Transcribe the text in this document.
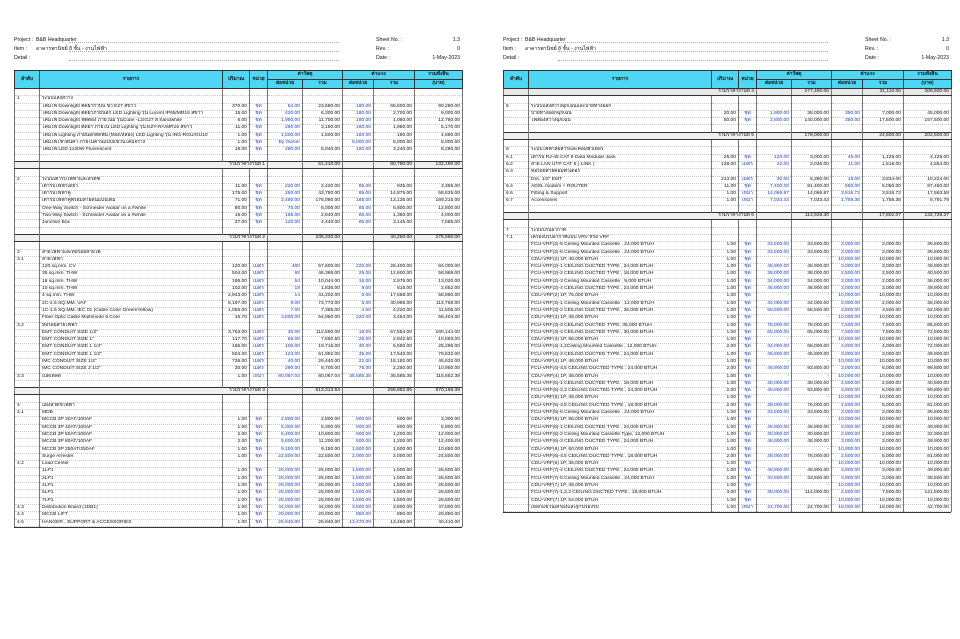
Project : B&B Headquarter	Sheet No. :	1.3
Item : อาคารพานิชย์ 8 ชั้น - งานไฟฟ้า	Rev. :	0
Detail :	Date :	1-May-2023
ลำดับ	รายการ	ปริมาณ	หน่วย	ค่าวัสดุ		ค่าแรง		รวมทั้งสิ้น
				ต่อหน่วย	รวม	ต่อหน่วย	รวม	(บาท)

1	ระบบแสงสว่าง							
	โคมไฟ Downlight ติดฝ้ากาบิน ขั้ว E27 สีขาว	370.00	ชุด	64.00	23,680.00	180.00	66,600.00	90,280.00
	โคมไฟ Downlight ติดฝ้าภายนอก LED Lighting รุ่น Lucent IP65/MR16 สีขาว	15.00	ชุด	420.00	6,300.00	180.00	2,700.00	9,000.00
	โคมไฟ Downlight ฟิตตอง ภายในม รุ่นCube -L2/G27 สี Sandwhite	6.00	ชุด	1,950.00	11,700.00	180.00	1,080.00	12,780.00
	โคมไฟ Downlight ติดฝ้า ภายใน LED Lighting รุ่น EZY-RA/MR16 สีขาว	11.00	ชุด	290.00	3,190.00	180.00	1,980.00	5,170.00
	โคมไฟ Lighting ภายนอกติดพื้น (ทองเหลือง) LED Lighting รุ่น ING-RGU/GU10	1.00	ชุด	1,500.00	1,500.00	180.00	180.00	1,680.00
	โคมไฟโชว์สินค้า ภายในคานแบบแขวนโคมจราง	1.00	ชุด	By Owner	-	5,000.00	5,000.00	5,000.00
	โคมไฟ LED 1x20W Fluorescent	18.00	ชุด	280.00	5,040.00	180.00	3,240.00	8,280.00

	รวมราคางานที่ 1				51,410.00		80,780.00	132,190.00

2	ระบบเต้ารับไฟฟ้าและสวิตซ์							
	เต้ารับไฟฟ้าเดี่ยว	11.00	ชุด	220.00	2,420.00	85.00	935.00	3,355.00
	เต้ารับไฟฟ้าคู่	175.00	ชุด	250.00	43,750.00	85.00	14,875.00	58,625.00
	เต้ารับไฟฟ้าคู่พร้อมสายดินแบบเต็ม	71.00	ชุด	2,480.00	176,080.00	185.00	13,135.00	189,215.00
	One-Way Switch - Schneider Avatar on a #white	80.00	ชุด	75.00	6,000.00	85.00	6,800.00	12,800.00
	Two-Way Switch - Schneider Avatar on a #white	16.00	ชุด	165.00	2,640.00	85.00	1,360.00	4,000.00
	Junction Box	37.00	ชุด	120.00	4,440.00	85.00	3,145.00	7,585.00

	รวมราคางานที่ 2				235,330.00		40,250.00	275,580.00

3	สายไฟฟ้าและท่อร้อยสายไฟ							
3.1	สายไฟฟ้า							
	120 sq.mm. CV	120.00	เมตร	480	57,600.00	220.00	26,400.00	84,000.00
	35 sq.mm. THW	504.00	เมตร	92	46,368.00	25.00	12,600.00	58,968.00
	16 sq.mm. THW	186.00	เมตร	54	10,044.00	16.00	2,976.00	13,020.00
	10 sq.mm. THW	102.00	เมตร	18	1,836.00	8.00	816.00	2,652.00
	4 sq.mm. THW	2,943.00	เมตร	14	41,202.00	6.00	17,658.00	58,860.00
	2C-2.5 SQ.MM. VAF	8,197.00	เมตร	9.00	73,773.00	5.00	40,985.00	114,758.00
	1C-1.5 SQ.MM. IEC 01 (Cable Color Green/Yellow)	1,055.00	เมตร	7.00	7,385.00	4.00	4,220.00	11,605.00
	Fiber Optic Cable Multimode 6 Core	15.70	เมตร	3,500.00	54,950.00	220.00	3,454.00	58,404.00
3.2	ท่อร้อยสายไฟฟ้า							
	EMT CONDUIT SIZE 1/2"	3,753.00	เมตร	30.00	112,590.00	18.00	67,554.00	180,144.00
	EMT CONDUIT SIZE 1"	117.70	เมตร	65.00	7,650.50	25.00	2,942.50	10,593.00
	EMT CONDUIT SIZE 1 1/4"	186.00	เมตร	106.00	19,716.00	30.00	5,580.00	25,296.00
	EMT CONDUIT SIZE 1 1/2"	504.00	เมตร	123.00	61,992.00	35.00	17,640.00	79,632.00
	IMC CONDUIT SIZE 1/2"	736.00	เมตร	40.00	29,440.00	22.00	16,192.00	45,632.00
	IMC CONDUIT SIZE 2 1/2"	30.00	เมตร	290.00	8,700.00	75.00	2,250.00	10,950.00
3.3	เบ็ดเตล็ด	1.00	เหมา	80,067.04	80,067.04	35,585.35	35,585.35	115,652.39

	รวมราคางานที่ 3				613,313.54		256,852.85	870,166.39

4	แผงสวิตช์ไฟฟ้า							
4.1	MDB							
	MCCB 3P 30AT/100AF	1.00	ชุด	2,800.00	2,800.00	500.00	500.00	3,300.00
	MCCB 3P 40AT/100AF	1.00	ชุด	5,300.00	5,300.00	600.00	600.00	5,900.00
	MCCB 3P 50AT/100AF	2.00	ชุด	5,400.00	10,800.00	600.00	1,200.00	12,000.00
	MCCB 3P 80AT/100AF	2.00	ชุด	5,600.00	11,200.00	600.00	1,200.00	12,400.00
	MCCB 3P 250AT/250AF	1.00	ชุด	9,150.00	9,150.00	1,500.00	1,500.00	10,650.00
	Surge Arrester	1.00	ชุด	22,500.00	22,500.00	2,000.00	2,000.00	24,500.00
4.2	Load Center							
	1LP1	1.00	ชุด	25,000.00	25,000.00	1,500.00	1,500.00	26,500.00
	2LP1	1.00	ชุด	25,000.00	25,000.00	1,500.00	1,500.00	26,500.00
	4LP1	1.00	ชุด	25,000.00	25,000.00	1,500.00	1,500.00	26,500.00
	5LP1	1.00	ชุด	25,000.00	25,000.00	1,500.00	1,500.00	26,500.00
	7LP1	1.00	ชุด	25,000.00	25,000.00	1,500.00	1,500.00	26,500.00
4.3	Distribution Board (1DB1)	1.00	ชุด	44,000.00	44,000.00	3,500.00	3,500.00	47,500.00
4.4	MCCB LIFT	1.00	ชุด	20,000.00	20,000.00	850.00	850.00	20,850.00
4.5	HANGER , SUPPORT & ACCESSORIES	1.00	ชุด	26,940.00	26,940.00	13,470.00	13,460.00	40,410.00
Project : B&B Headquarter	Sheet No. :	1.3
Item : อาคารพานิชย์ 8 ชั้น - งานไฟฟ้า	Rev. :	0
Detail :	Date :	1-May-2023
ลำดับ	รายการ	ปริมาณ	หน่วย	ค่าวัสดุ		ค่าแรง		รวมทั้งสิ้น
				ต่อหน่วย	รวม	ต่อหน่วย	รวม	(บาท)
	รวมราคางานที่ 4				277,490.00		31,110.00	308,600.00

5	ระบบแสงสว่างฉุกเฉินและป้ายทางออก							
	ป้ายทางออกฉุกเฉิน	20.00	ชุด	1,900.00	38,000.00	350.00	7,000.00	45,000.00
	ไฟส่องสว่างฉุกเฉิน	50.00	ชุด	2,800.00	140,000.00	350.00	17,500.00	157,500.00

	รวมราคางานที่ 5				178,000.00		24,500.00	202,500.00

6	ระบบไฟฟ้าสื่อสารและคอมพิวเตอร์							
6.1	เต้ารับ RJ-45 CAT 6 Data Modular Jack	25.00	ชุด	120.00	3,000.00	45.00	1,125.00	4,125.00
6.2	สาย LAN UTP CAT 6 ( LINK )	138.00	เมตร	22.00	3,036.00	11.00	1,518.00	4,554.00
6.3	ท่อร้อยสายคอมพิวเตอร์							
	DIA. 1/2" EMT	213.00	เมตร	30.00	6,390.00	18.00	3,834.00	10,224.00
6.4	ADSL modem + ROUTER	11.00	ชุด	7,400.00	81,400.00	550.00	6,050.00	87,450.00
6.6	Fitting & Support	1.00	เหมา	14,066.87	14,066.87	3,516.72	3,516.72	17,583.58
6.7	Accessories	1.00	เหมา	7,033.43	7,033.43	1,758.36	1,758.36	8,791.79

	รวมราคางานที่ 6				114,926.30		17,802.07	132,728.37

7	ระบบปรับอากาศ							
7.1	เครื่องปรับอากาศแบบ VRV หรือ VRF							
	FCU-VRF(2)-5 Ceiling Mounted Cassette , 24,000 BTUH	1.00	ชุด	33,500.00	33,500.00	3,000.00	3,000.00	36,500.00
	FCU-VRF(2)-6 Ceiling Mounted Cassette , 24,000 BTUH	1.00	ชุด	33,500.00	33,500.00	3,000.00	3,000.00	36,500.00
	CDU-VRF(2) 1P, 48,000 BTUH	1.00	ชุด	-	-	10,000.00	10,000.00	10,000.00
	FCU-VRF(2)-1 CEILING DUCTED TYPE , 24,000 BTUH	1.00	ชุด	46,900.00	46,900.00	3,000.00	3,000.00	49,900.00
	FCU-VRF(2)-2 CEILING DUCTED TYPE , 18,000 BTUH	1.00	ชุด	38,000.00	38,000.00	2,500.00	2,500.00	40,500.00
	FCU-VRF(2)-3 Ceiling Mounted Cassette , 9,000 BTUH	1.00	ชุด	34,000.00	34,000.00	2,000.00	2,000.00	36,000.00
	FCU-VRF(2)-4 CEILING DUCTED TYPE , 24,000 BTUH	1.00	ชุด	46,900.00	46,900.00	3,000.00	3,000.00	49,900.00
	CDU-VRF(2) 1P, 75,000 BTUH	1.00	ชุด	-	-	10,000.00	10,000.00	10,000.00
	FCU-VRF(3)-1 Ceiling Mounted Cassette , 12,000 BTUH	1.00	ชุด	34,000.00	34,000.00	2,000.00	2,000.00	36,000.00
	FCU-VRF(3)-2 CEILING DUCTED TYPE , 36,000 BTUH	1.00	ชุด	58,500.00	58,500.00	3,500.00	3,500.00	62,000.00
	CDU-VRF(3) 1P, 48,000 BTUH	1.00	ชุด	-	-	10,000.00	10,000.00	10,000.00
	FCU-VRF(3)-3 CEILING DUCTED TYPE, 36,000 BTUH	1.00	ชุด	78,000.00	78,000.00	7,500.00	7,500.00	85,500.00
	FCU-VRF(3)-4 CEILING DUCTED TYPE , 30,000 BTUH	1.00	ชุด	65,000.00	65,000.00	7,500.00	7,500.00	72,500.00
	CDU-VRF(3) 1P, 66,000 BTUH	1.00	ชุด	-	-	10,000.00	10,000.00	10,000.00
	FCU-VRF(4)-1,2Ceiling Mounted Cassette , 12,000 BTUH	2.00	ชุด	34,000.00	68,000.00	2,000.00	4,000.00	72,000.00
	FCU-VRF(4)-3 CEILING DUCTED TYPE , 24,000 BTUH	1.00	ชุด	46,900.00	46,900.00	3,000.00	3,000.00	49,900.00
	CDU-VRF(4) 1P, 48,000 BTUH	1.00	ชุด	-	-	10,000.00	10,000.00	10,000.00
	FCU-VRF(4)-4,5 CEILING DUCTED TYPE , 24,000 BTUH	2.00	ชุด	46,900.00	93,800.00	3,000.00	6,000.00	99,800.00
	CDU-VRF(4) 1P, 48,000 BTUH	1.00	ชุด	-	-	10,000.00	10,000.00	10,000.00
	FCU-VRF(5)-1 CEILING DUCTED TYPE , 18,000 BTUH	1.00	ชุด	38,000.00	38,000.00	2,500.00	2,500.00	40,500.00
	FCU-VRF(5)-2,3 CEILING DUCTED TYPE , 24,000 BTUH	2.00	ชุด	46,900.00	93,800.00	3,000.00	6,000.00	99,800.00
	CDU-VRF(5) 1P, 48,000 BTUH	1.00	ชุด	-	-	10,000.00	10,000.00	10,000.00
	FCU-VRF(5)-4,5 CEILING DUCTED TYPE , 18,000 BTUH	2.00	ชุด	38,000.00	76,000.00	2,500.00	5,000.00	81,000.00
	FCU-VRF(5)-6 Ceiling Mounted Cassette , 24,000 BTUH	1.00	ชุด	33,500.00	33,500.00	3,000.00	3,000.00	36,500.00
	CDU-VRF(5) 1P, 66,000 BTUH	1.00	ชุด	-	-	10,000.00	10,000.00	10,000.00
	FCU-VRF(6)-1 CEILING DUCTED TYPE , 24,000 BTUH	1.00	ชุด	46,900.00	46,900.00	3,000.00	3,000.00	49,900.00
	FCU-VRF(6)-2 Ceiling Mounted Cassette Type, 12,000 BTUH	1.00	ชุด	30,900.00	30,900.00	2,000.00	2,000.00	32,900.00
	FCU-VRF(6)-3 CEILING DUCTED TYPE , 24,000 BTUH	1.00	ชุด	46,900.00	46,900.00	3,000.00	3,000.00	49,900.00
	CDU-VRF(6) 1P, 60,000 BTUH	1.00	ชุด	-	-	10,000.00	10,000.00	10,000.00
	FCU-VRF(6)-4,5 CEILING DUCTED TYPE , 18,000 BTUH	2.00	ชุด	38,000.00	76,000.00	2,500.00	5,000.00	81,000.00
	CDU-VRF(6) 1P, 36,000 BTUH	1.00	ชุด	-	-	10,000.00	10,000.00	10,000.00
	FCU-VRF(7)-4 CEILING DUCTED TYPE , 24,000 BTUH	1.00	ชุด	46,900.00	46,900.00	3,000.00	3,000.00	49,900.00
	FCU-VRF(7)-5 Ceiling Mounted Cassette , 24,000 BTUH	1.00	ชุด	33,500.00	33,500.00	3,000.00	3,000.00	36,500.00
	CDU-VRF(7) 1P, 48,000 BTUH	1.00	ชุด	-	-	10,000.00	10,000.00	10,000.00
	FCU-VRF(7)-1,2,3 CEILING DUCTED TYPE , 18,000 BTUH	3.00	ชุด	38,000.00	114,000.00	2,500.00	7,500.00	121,500.00
	CDU-VRF(7) 1P, 54,000 BTUH	1.00	ชุด	-	-	10,000.00	10,000.00	10,000.00
	เหล็กแขวนเครื่องและฐานรองรับ	1.00	เหมา	24,700.00	24,700.00	18,000.00	18,000.00	42,700.00
